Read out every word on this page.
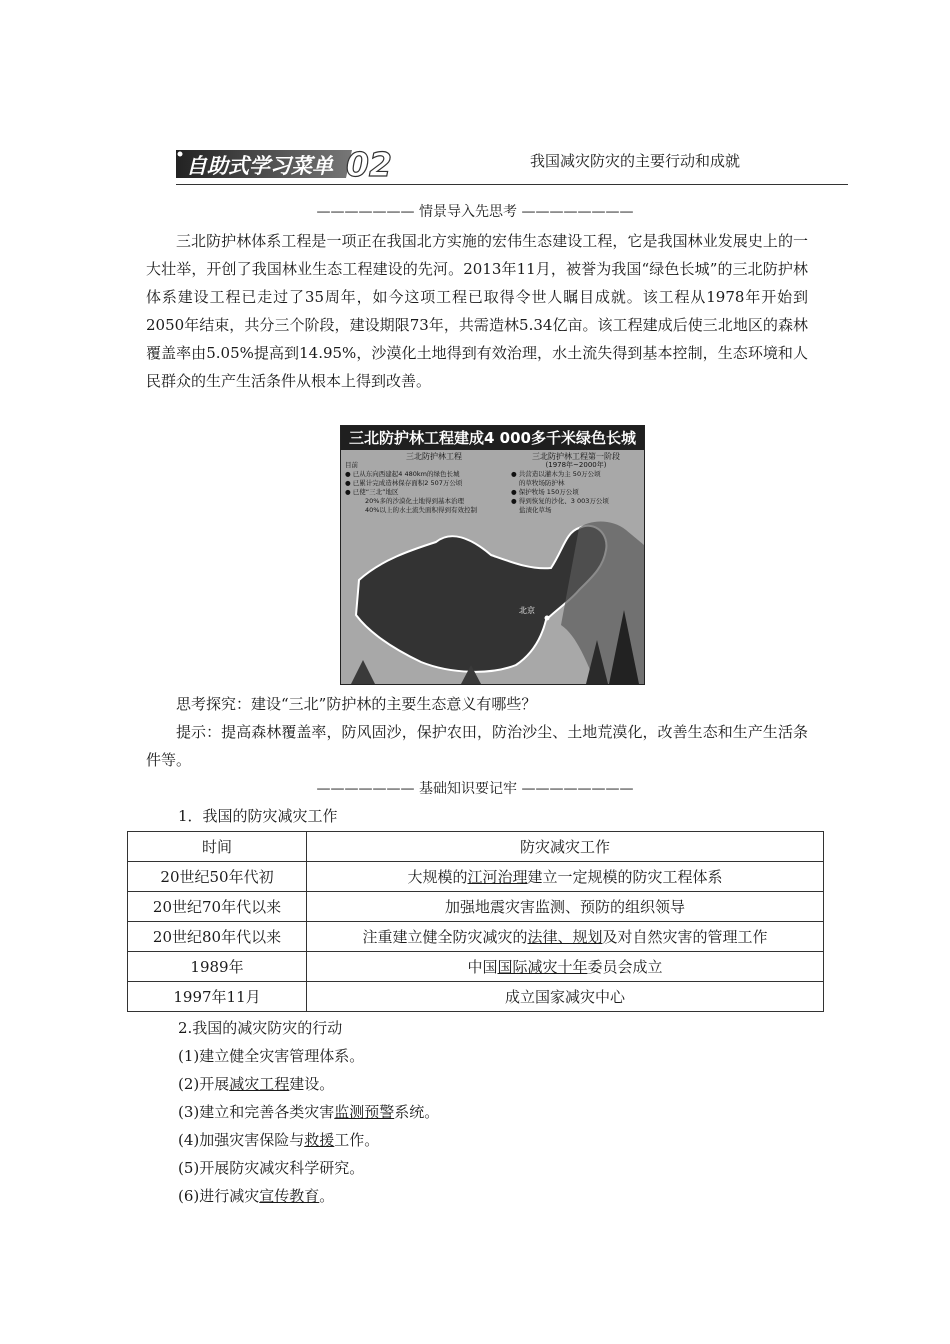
自助式学习菜单 02	我国减灾防灾的主要行动和成就
——————— 情景导入先思考 ————————

三北防护林体系工程是一项正在我国北方实施的宏伟生态建设工程，它是我国林业发展史上的一大壮举，开创了我国林业生态工程建设的先河。2013年11月，被誉为我国“绿色长城”的三北防护林体系建设工程已走过了35周年，如今这项工程已取得令世人瞩目成就。该工程从1978年开始到2050年结束，共分三个阶段，建设期限73年，共需造林5.34亿亩。该工程建成后使三北地区的森林覆盖率由5.05%提高到14.95%，沙漠化土地得到有效治理，水土流失得到基本控制，生态环境和人民群众的生产生活条件从根本上得到改善。

三北防护林工程建成4 000多千米绿色长城
北京
三北防护林工程
目前
● 已从东向西建起4 480km的绿色长城
● 已累计完成造林保存面积2 507万公顷
● 已使“三北”地区
20%多的沙漠化土地得到基本治理
40%以上的水土流失面积得到有效控制
三北防护林工程第一阶段
(1978年~2000年)
● 共营造以灌木为主 50万公顷
的草牧场防护林
● 保护牧场 150万公顷
● 得到恢复的沙化、3 003万公顷
盐渍化草场

思考探究：建设“三北”防护林的主要生态意义有哪些？

提示：提高森林覆盖率，防风固沙，保护农田，防治沙尘、土地荒漠化，改善生态和生产生活条件等。

——————— 基础知识要记牢 ————————
1．我国的防灾减灾工作
时间	防灾减灾工作
20世纪50年代初	大规模的江河治理建立一定规模的防灾工程体系
20世纪70年代以来	加强地震灾害监测、预防的组织领导
20世纪80年代以来	注重建立健全防灾减灾的法律、规划及对自然灾害的管理工作
1989年	中国国际减灾十年委员会成立
1997年11月	成立国家减灾中心
2.我国的减灾防灾的行动
(1)建立健全灾害管理体系。
(2)开展减灾工程建设。
(3)建立和完善各类灾害监测预警系统。
(4)加强灾害保险与救援工作。
(5)开展防灾减灾科学研究。
(6)进行减灾宣传教育。
